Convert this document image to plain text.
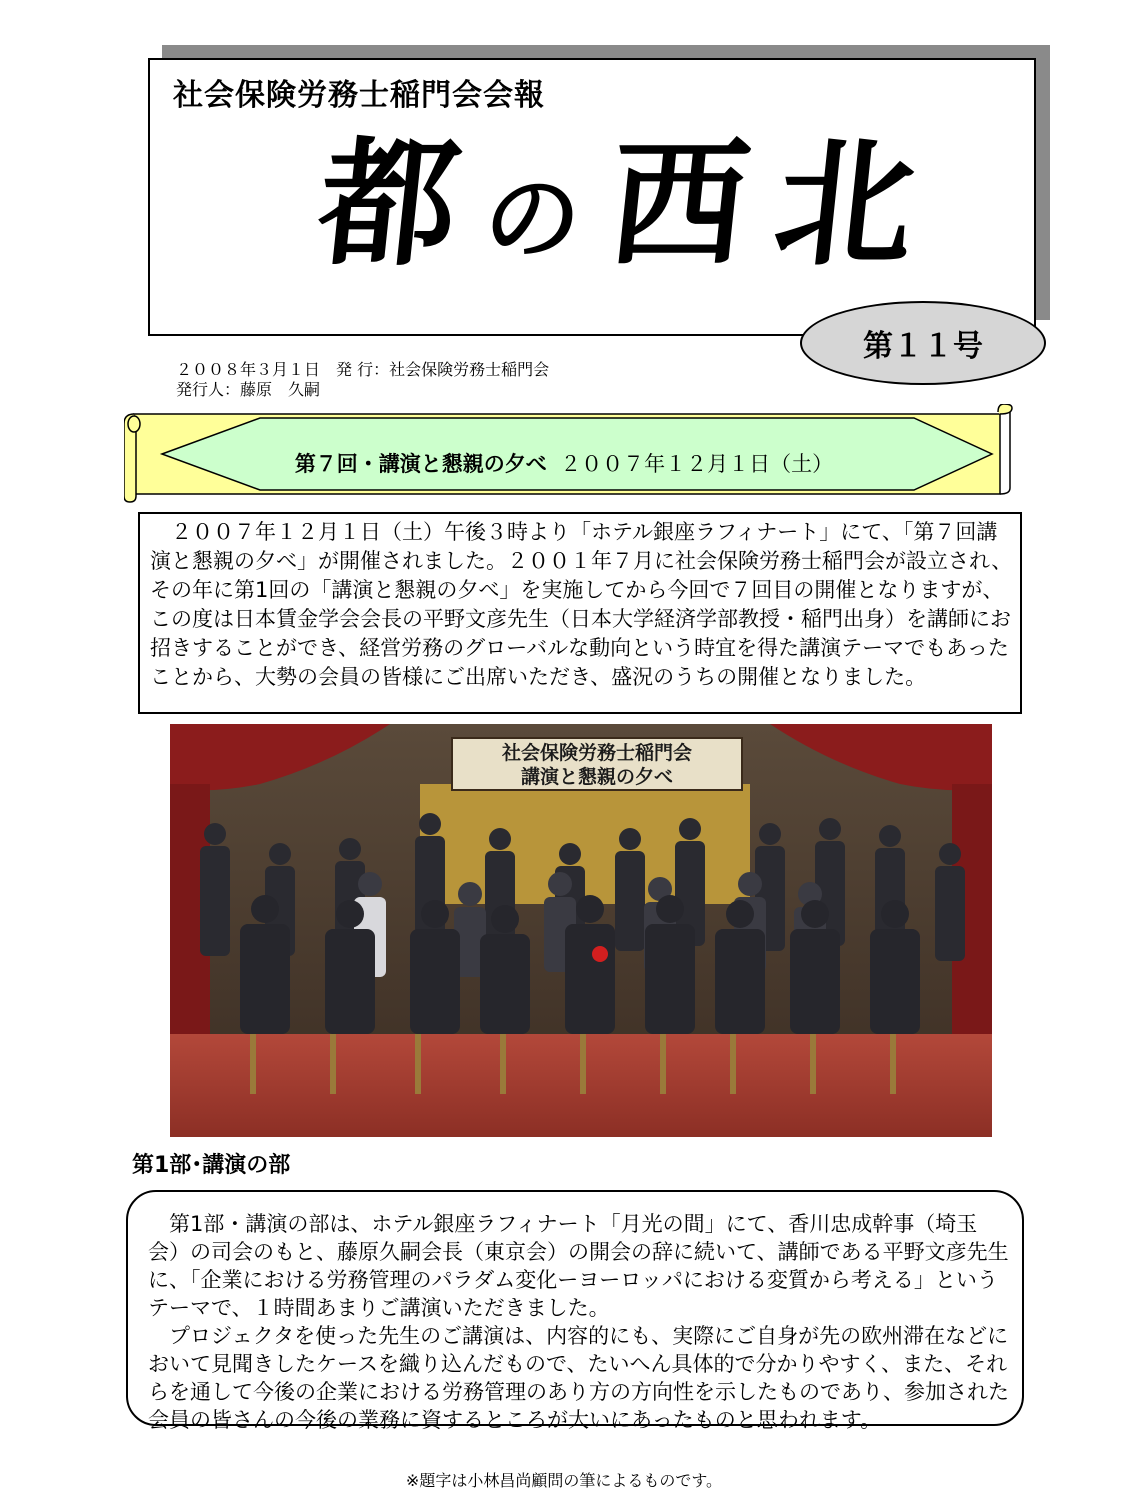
社会保険労務士稲門会会報
都の西北
第１１号
２００８年３月１日　発 行：社会保険労務士稲門会
発行人：藤原　久嗣
第７回・講演と懇親の夕べ ２００７年１２月１日（土）
２００７年１２月１日（土）午後３時より「ホテル銀座ラフィナート」にて、「第７回講
演と懇親の夕べ」が開催されました。２００１年７月に社会保険労務士稲門会が設立され、
その年に第1回の「講演と懇親の夕べ」を実施してから今回で７回目の開催となりますが、
この度は日本賃金学会会長の平野文彦先生（日本大学経済学部教授・稲門出身）を講師にお
招きすることができ、経営労務のグローバルな動向という時宜を得た講演テーマでもあった
ことから、大勢の会員の皆様にご出席いただき、盛況のうちの開催となりました。
社会保険労務士稲門会
講演と懇親の夕べ
第1部･講演の部
　第1部・講演の部は、ホテル銀座ラフィナート「月光の間」にて、香川忠成幹事（埼玉
会）の司会のもと、藤原久嗣会長（東京会）の開会の辞に続いて、講師である平野文彦先生
に、「企業における労務管理のパラダム変化ーヨーロッパにおける変質から考える」という
テーマで、１時間あまりご講演いただきました。
　プロジェクタを使った先生のご講演は、内容的にも、実際にご自身が先の欧州滞在などに
おいて見聞きしたケースを織り込んだもので、たいへん具体的で分かりやすく、また、それ
らを通して今後の企業における労務管理のあり方の方向性を示したものであり、参加された
会員の皆さんの今後の業務に資するところが大いにあったものと思われます。
※題字は小林昌尚顧問の筆によるものです。
